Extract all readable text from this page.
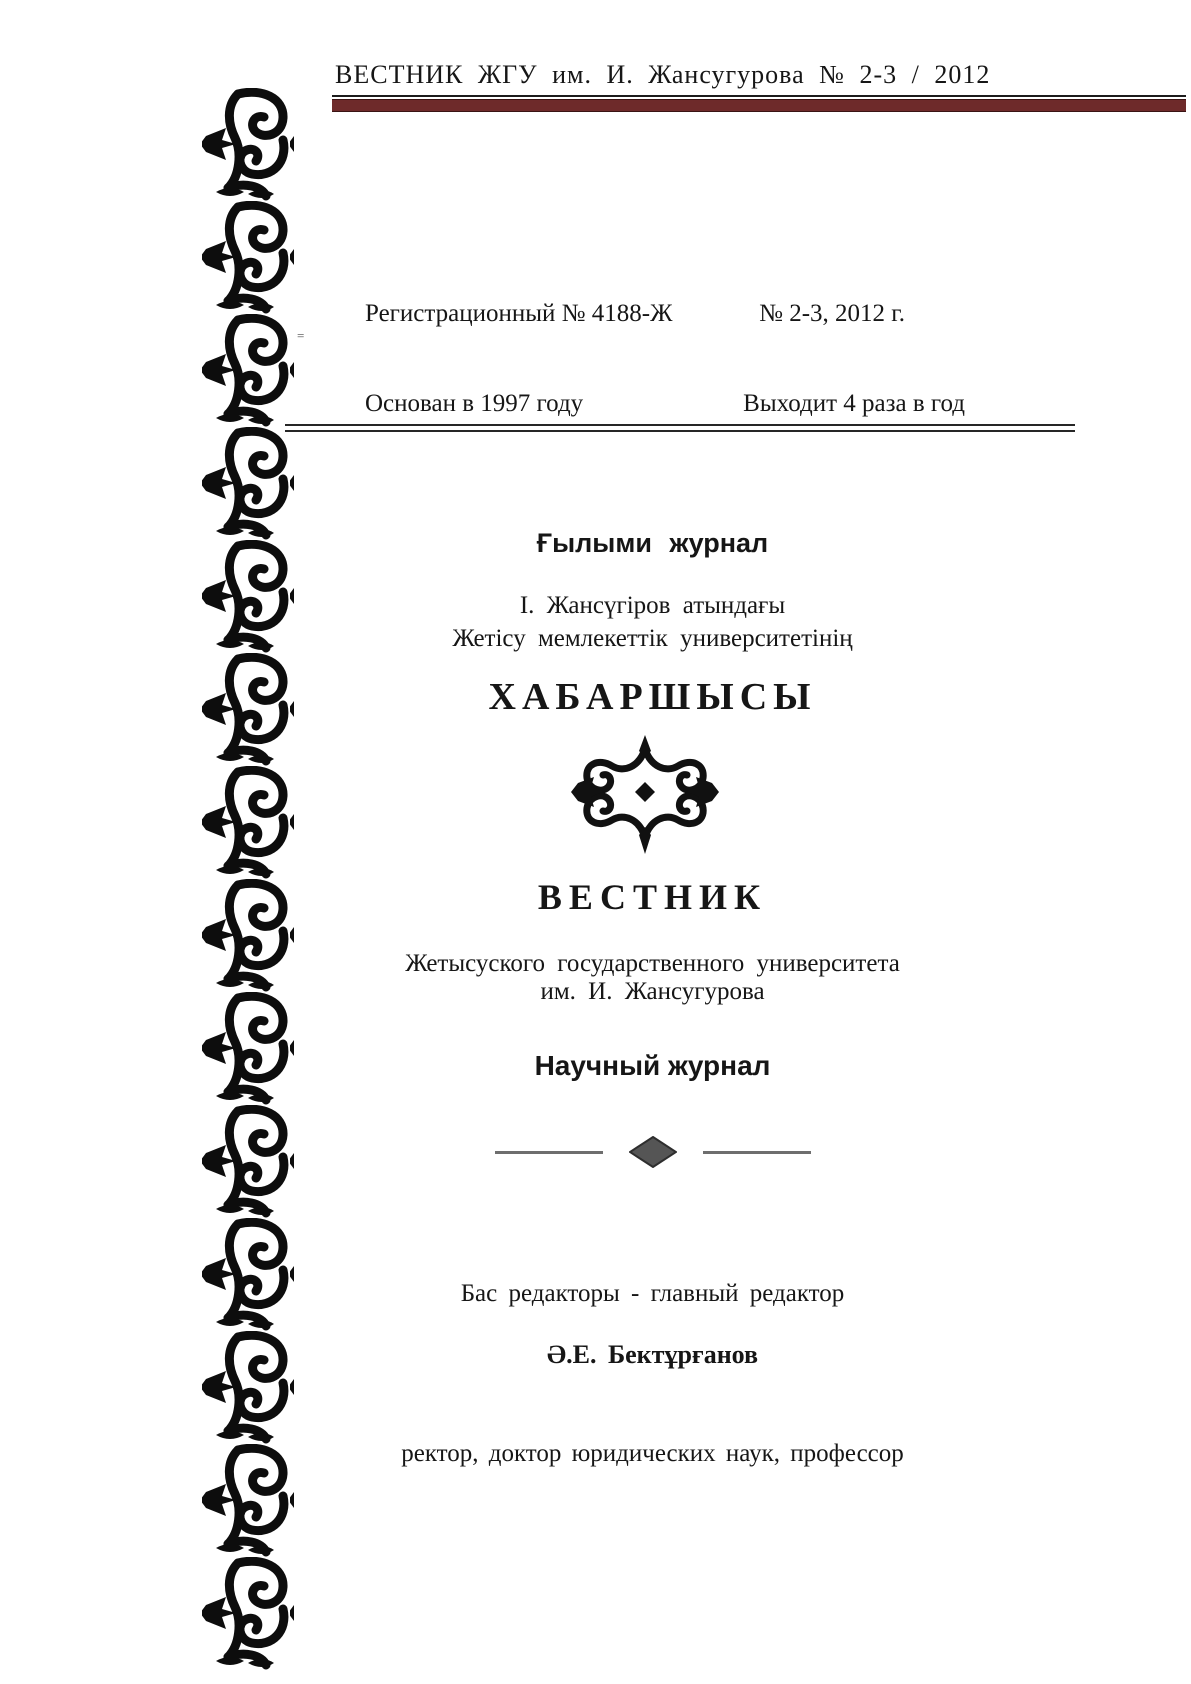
ВЕСТНИК ЖГУ им. И. Жансугурова № 2-3 / 2012
Регистрационный № 4188-Ж	№ 2-3, 2012 г.
=
Основан в 1997 году	Выходит 4 раза в год
Ғылыми журнал
І. Жансүгіров атындағы
Жетісу мемлекеттік университетінің
ХАБАРШЫСЫ
ВЕСТНИК
Жетысуского государственного университета
им. И. Жансугурова
Научный журнал
Бас редакторы - главный редактор
Ә.Е. Бектұрғанов
ректор, доктор юридических наук, профессор
